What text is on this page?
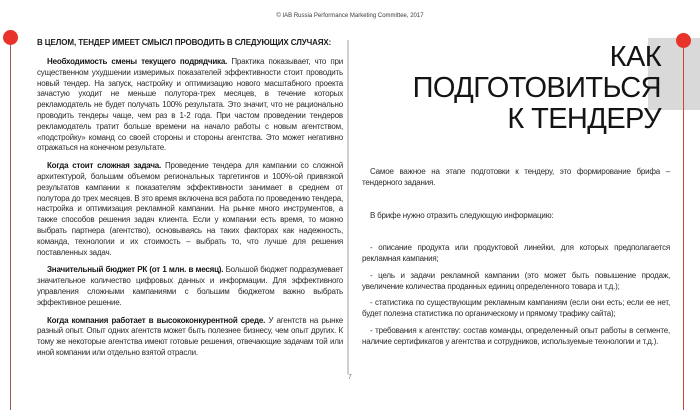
© IAB Russia Performance Marketing Committee, 2017
В ЦЕЛОМ, ТЕНДЕР ИМЕЕТ СМЫСЛ ПРОВОДИТЬ В СЛЕДУЮЩИХ СЛУЧАЯХ:

Необходимость смены текущего подрядчика. Практика показывает, что при существенном ухудшении измеримых показателей эффективности стоит проводить новый тендер. На запуск, настройку и оптимизацию нового масштабного проекта зачастую уходит не меньше полутора-трех месяцев, в течение которых рекламодатель не будет получать 100% результата. Это значит, что не рационально проводить тендеры чаще, чем раз в 1-2 года. При частом проведении тендеров рекламодатель тратит больше времени на начало работы с новым агентством, «подстройку» команд со своей стороны и стороны агентства. Это может негативно отражаться на конечном результате.

Когда стоит сложная задача. Проведение тендера для кампании со сложной архитектурой, большим объемом региональных таргетингов и 100%-ой привязкой результатов кампании к показателям эффективности занимает в среднем от полутора до трех месяцев. В это время включена вся работа по проведению тендера, настройка и оптимизация рекламной кампании. На рынке много инструментов, а также способов решения задач клиента. Если у компании есть время, то можно выбрать партнера (агентство), основываясь на таких факторах как надежность, команда, технологии и их стоимость – выбрать то, что лучше для решения поставленных задач.

Значительный бюджет РК (от 1 млн. в месяц). Большой бюджет подразумевает значительное количество цифровых данных и информации. Для эффективного управления сложными кампаниями с большим бюджетом важно выбрать эффективное решение.

Когда компания работает в высококонкурентной среде. У агентств на рынке разный опыт. Опыт одних агентств может быть полезнее бизнесу, чем опыт других. К тому же некоторые агентства имеют готовые решения, отвечающие задачам той или иной компании или отдельно взятой отрасли.

КАК
ПОДГОТОВИТЬСЯ
К ТЕНДЕРУ

Самое важное на этапе подготовки к тендеру, это формирование брифа – тендерного задания.

В брифе нужно отразить следующую информацию:

- описание продукта или продуктовой линейки, для которых предполагается рекламная кампания;

- цель и задачи рекламной кампании (это может быть повышение продаж, увеличение количества проданных единиц определенного товара и т.д.);

- статистика по существующим рекламным кампаниям (если они есть; если ее нет, будет полезна статистика по органическому и прямому трафику сайта);

- требования к агентству: состав команды, определенный опыт работы в сегменте, наличие сертификатов у агентства и сотрудников, используемые технологии и т.д.).

7
